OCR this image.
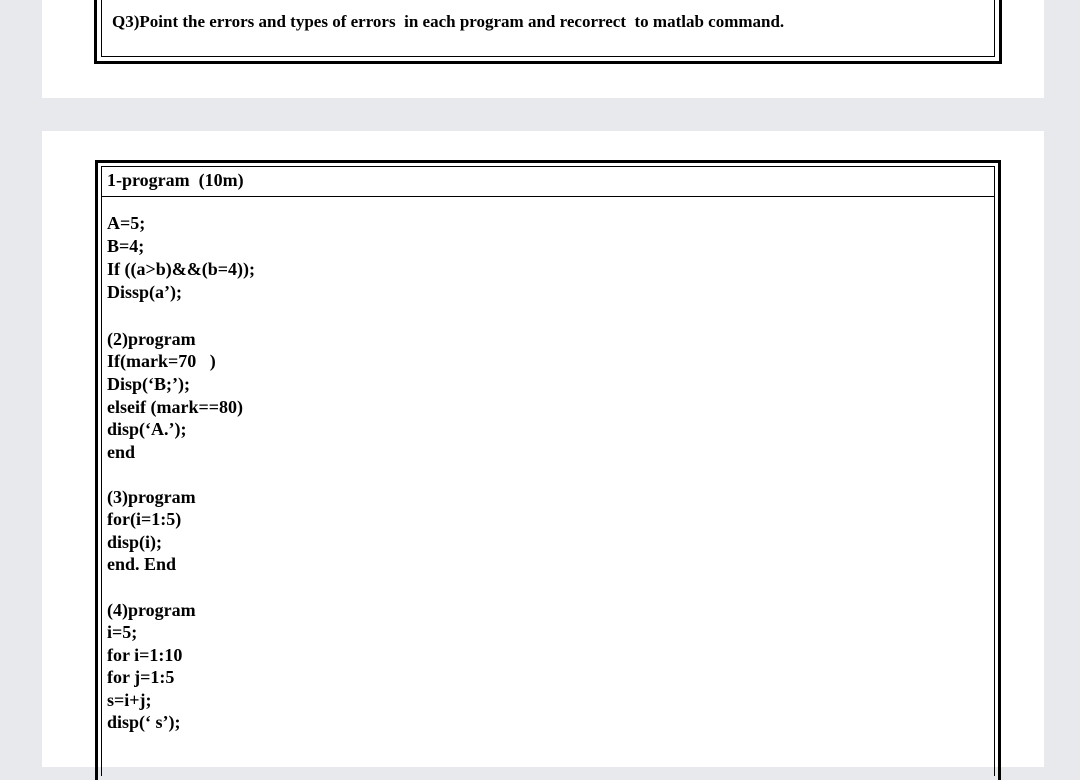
Q3)Point the errors and types of errors  in each program and recorrect  to matlab command.
1-program  (10m)
A=5;
B=4;
If ((a>b)&&(b=4));
Dissp(a’);
(2)program
If(mark=70   )
Disp(‘B;’);
elseif (mark==80)
disp(‘A.’);
end
(3)program
for(i=1:5)
disp(i);
end. End
(4)program
i=5;
for i=1:10
for j=1:5
s=i+j;
disp(‘ s’);
